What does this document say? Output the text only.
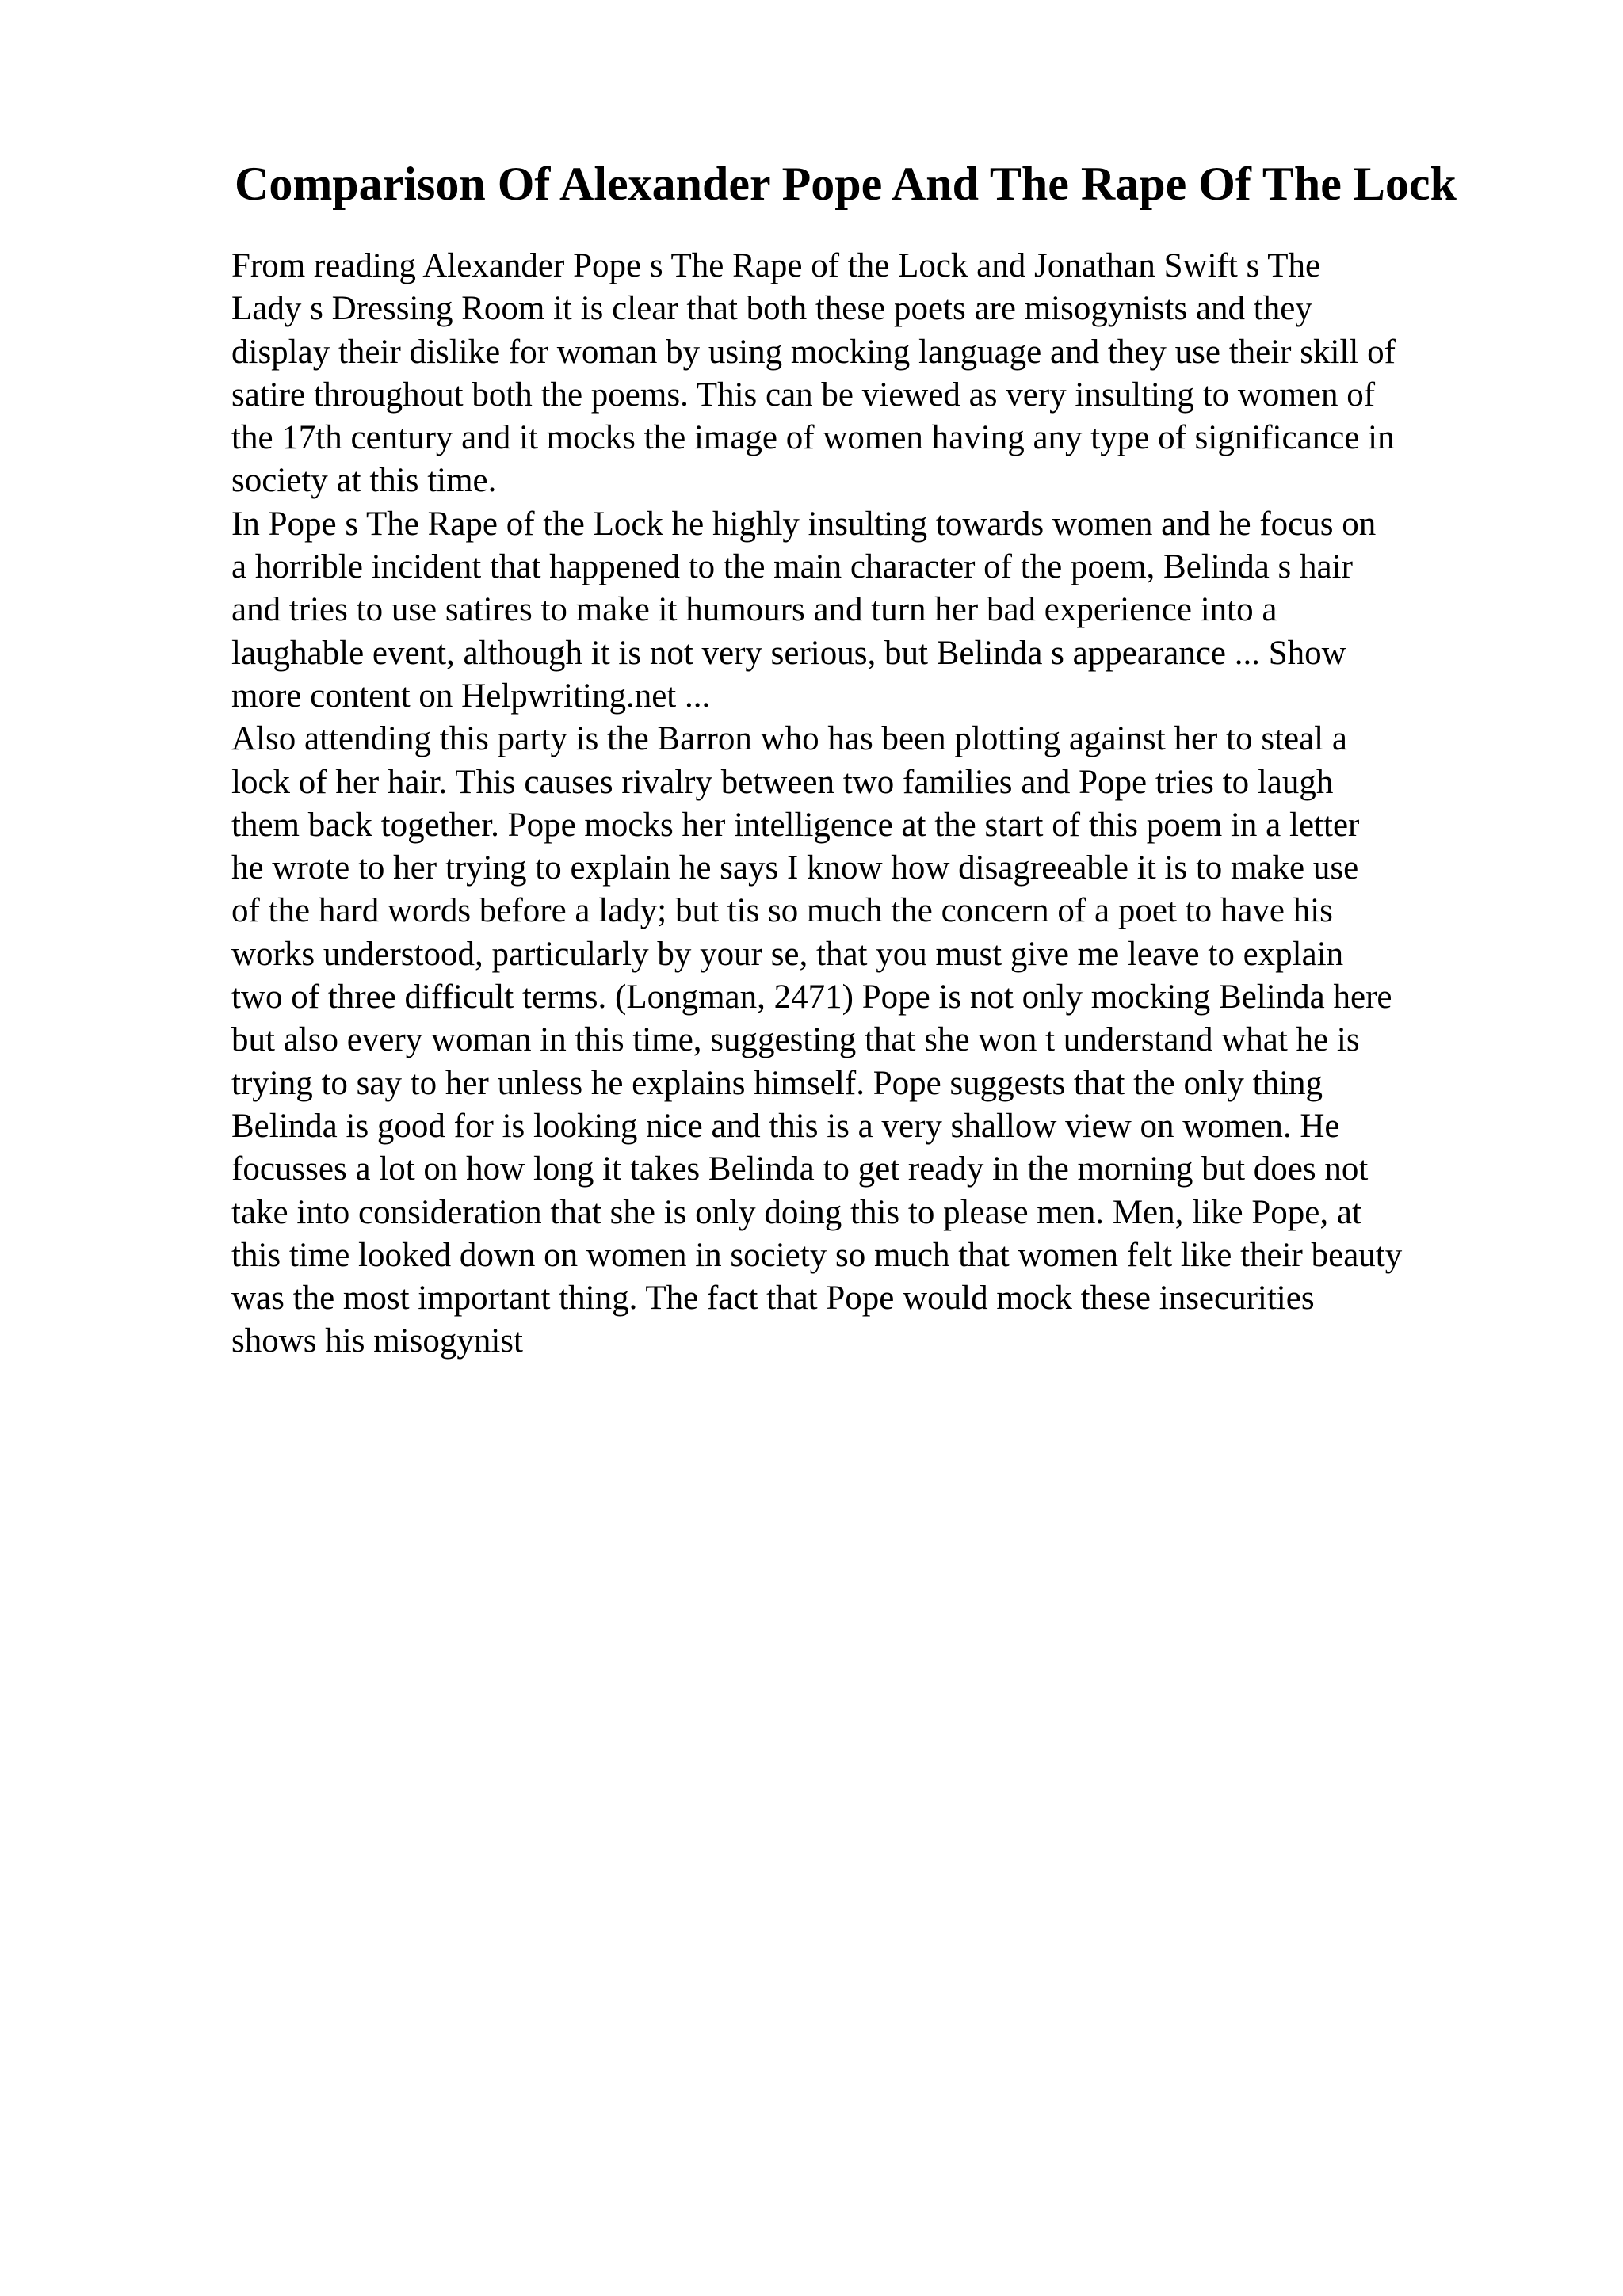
Comparison Of Alexander Pope And The Rape Of The Lock
From reading Alexander Pope s The Rape of the Lock and Jonathan Swift s The
Lady s Dressing Room it is clear that both these poets are misogynists and they
display their dislike for woman by using mocking language and they use their skill of
satire throughout both the poems. This can be viewed as very insulting to women of
the 17th century and it mocks the image of women having any type of significance in
society at this time.
In Pope s The Rape of the Lock he highly insulting towards women and he focus on
a horrible incident that happened to the main character of the poem, Belinda s hair
and tries to use satires to make it humours and turn her bad experience into a
laughable event, although it is not very serious, but Belinda s appearance ... Show
more content on Helpwriting.net ...
Also attending this party is the Barron who has been plotting against her to steal a
lock of her hair. This causes rivalry between two families and Pope tries to laugh
them back together. Pope mocks her intelligence at the start of this poem in a letter
he wrote to her trying to explain he says I know how disagreeable it is to make use
of the hard words before a lady; but tis so much the concern of a poet to have his
works understood, particularly by your se, that you must give me leave to explain
two of three difficult terms. (Longman, 2471) Pope is not only mocking Belinda here
but also every woman in this time, suggesting that she won t understand what he is
trying to say to her unless he explains himself. Pope suggests that the only thing
Belinda is good for is looking nice and this is a very shallow view on women. He
focusses a lot on how long it takes Belinda to get ready in the morning but does not
take into consideration that she is only doing this to please men. Men, like Pope, at
this time looked down on women in society so much that women felt like their beauty
was the most important thing. The fact that Pope would mock these insecurities
shows his misogynist
